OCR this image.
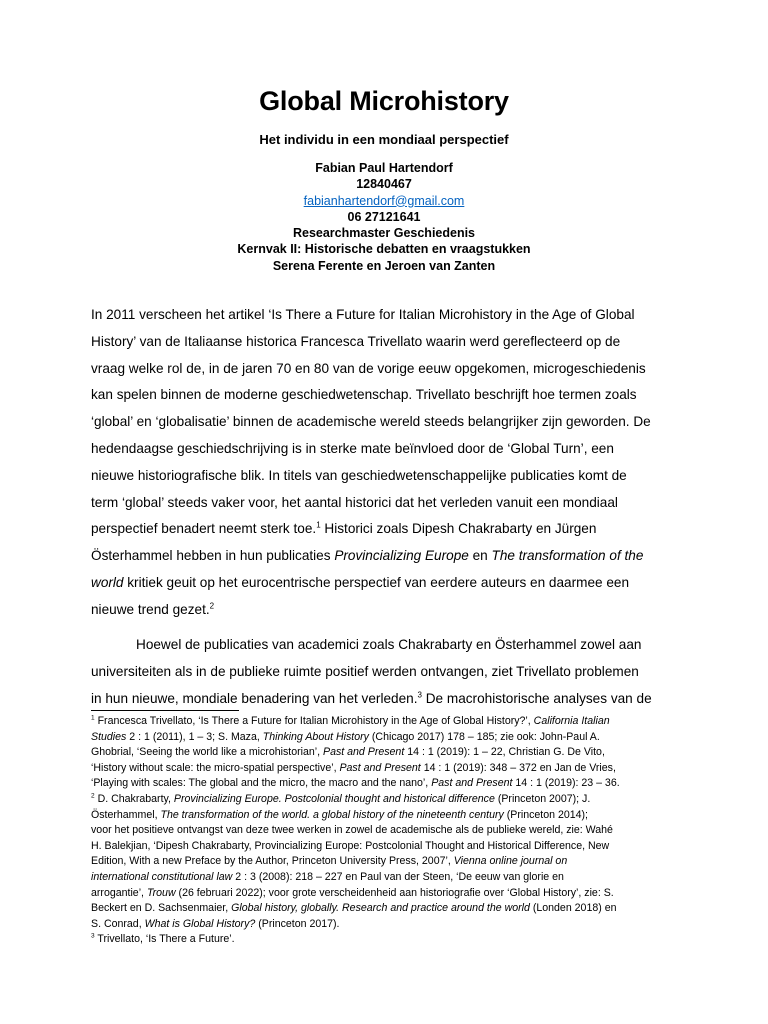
Global Microhistory
Het individu in een mondiaal perspectief
Fabian Paul Hartendorf
12840467
fabianhartendorf@gmail.com
06 27121641
Researchmaster Geschiedenis
Kernvak II: Historische debatten en vraagstukken
Serena Ferente en Jeroen van Zanten
In 2011 verscheen het artikel ‘Is There a Future for Italian Microhistory in the Age of Global
History’ van de Italiaanse historica Francesca Trivellato waarin werd gereflecteerd op de
vraag welke rol de, in de jaren 70 en 80 van de vorige eeuw opgekomen, microgeschiedenis
kan spelen binnen de moderne geschiedwetenschap. Trivellato beschrijft hoe termen zoals
‘global’ en ‘globalisatie’ binnen de academische wereld steeds belangrijker zijn geworden. De
hedendaagse geschiedschrijving is in sterke mate beïnvloed door de ‘Global Turn’, een
nieuwe historiografische blik. In titels van geschiedwetenschappelijke publicaties komt de
term ‘global’ steeds vaker voor, het aantal historici dat het verleden vanuit een mondiaal
perspectief benadert neemt sterk toe.$^1$ Historici zoals Dipesh Chakrabarty en Jürgen
Österhammel hebben in hun publicaties Provincializing Europe en The transformation of the
world kritiek geuit op het eurocentrische perspectief van eerdere auteurs en daarmee een
nieuwe trend gezet.$^2$
Hoewel de publicaties van academici zoals Chakrabarty en Österhammel zowel aan
universiteiten als in de publieke ruimte positief werden ontvangen, ziet Trivellato problemen
in hun nieuwe, mondiale benadering van het verleden.$^3$ De macrohistorische analyses van de
$^1$ Francesca Trivellato, ‘Is There a Future for Italian Microhistory in the Age of Global History?’, California Italian
Studies 2 : 1 (2011), 1 – 3; S. Maza, Thinking About History (Chicago 2017) 178 – 185; zie ook: John-Paul A.
Ghobrial, ‘Seeing the world like a microhistorian’, Past and Present 14 : 1 (2019): 1 – 22, Christian G. De Vito,
‘History without scale: the micro-spatial perspective’, Past and Present 14 : 1 (2019): 348 – 372 en Jan de Vries,
‘Playing with scales: The global and the micro, the macro and the nano’, Past and Present 14 : 1 (2019): 23 – 36.
$^2$ D. Chakrabarty, Provincializing Europe. Postcolonial thought and historical difference (Princeton 2007); J.
Österhammel, The transformation of the world. a global history of the nineteenth century (Princeton 2014);
voor het positieve ontvangst van deze twee werken in zowel de academische als de publieke wereld, zie: Wahé
H. Balekjian, ‘Dipesh Chakrabarty, Provincializing Europe: Postcolonial Thought and Historical Difference, New
Edition, With a new Preface by the Author, Princeton University Press, 2007’, Vienna online journal on
international constitutional law 2 : 3 (2008): 218 – 227 en Paul van der Steen, ‘De eeuw van glorie en
arrogantie’, Trouw (26 februari 2022); voor grote verscheidenheid aan historiografie over ‘Global History’, zie: S.
Beckert en D. Sachsenmaier, Global history, globally. Research and practice around the world (Londen 2018) en
S. Conrad, What is Global History? (Princeton 2017).
$^3$ Trivellato, ‘Is There a Future’.
